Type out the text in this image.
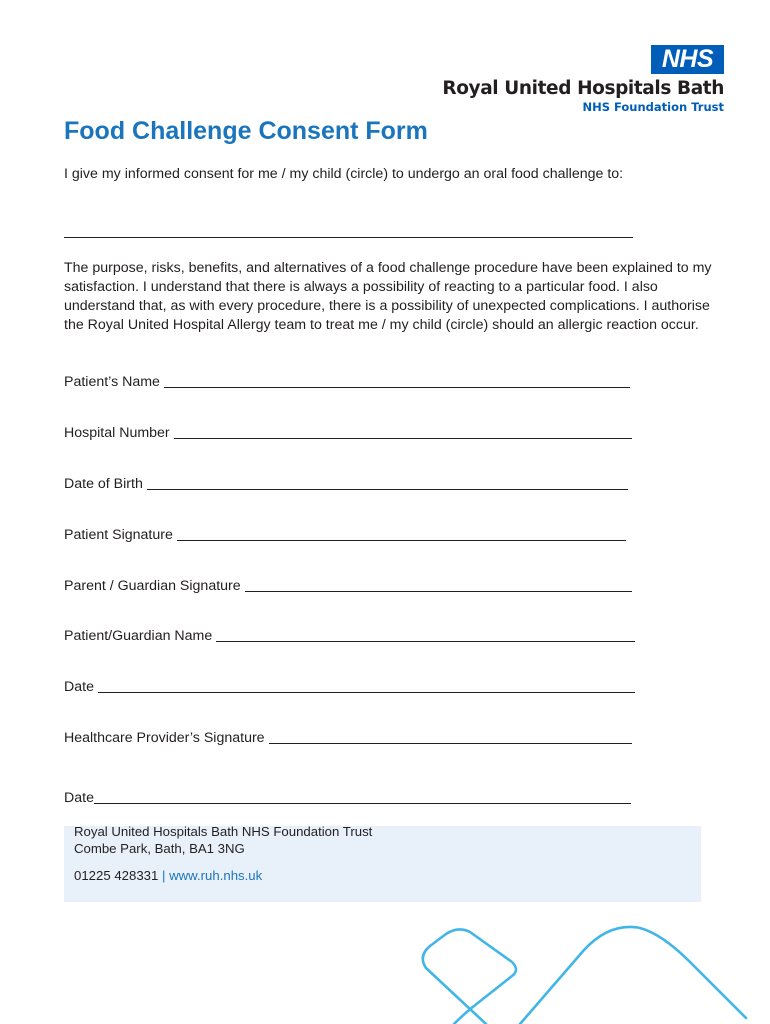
NHS
Royal United Hospitals Bath
NHS Foundation Trust
Food Challenge Consent Form
I give my informed consent for me / my child (circle) to undergo an oral food challenge to:

The purpose, risks, benefits, and alternatives of a food challenge procedure have been explained to my satisfaction. I understand that there is always a possibility of reacting to a particular food. I also understand that, as with every procedure, there is a possibility of unexpected complications. I authorise the Royal United Hospital Allergy team to treat me / my child (circle) should an allergic reaction occur.

Patient’s Name

Hospital Number

Date of Birth

Patient Signature

Parent / Guardian Signature

Patient/Guardian Name

Date

Healthcare Provider’s Signature

Date
Royal United Hospitals Bath NHS Foundation Trust
Combe Park, Bath, BA1 3NG
01225 428331 | www.ruh.nhs.uk
